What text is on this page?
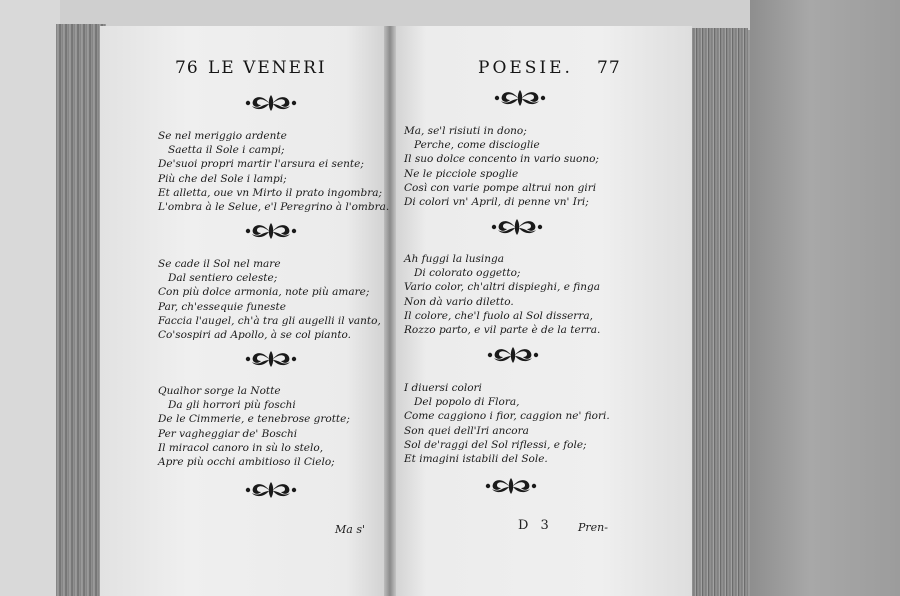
76 LE VENERI	POESIE. 77
Se nel meriggio ardente
Saetta il Sole i campi;
De'suoi propri martir l'arsura ei sente;
Più che del Sole i lampi;
Et alletta, oue vn Mirto il prato ingombra;
L'ombra à le Selue, e'l Peregrino à l'ombra.
Se cade il Sol nel mare
Dal sentiero celeste;
Con più dolce armonia, note più amare;
Par, ch'essequie funeste
Faccia l'augel, ch'à tra gli augelli il vanto,
Co'sospiri ad Apollo, à se col pianto.
Qualhor sorge la Notte
Da gli horrori più foschi
De le Cimmerie, e tenebrose grotte;
Per vagheggiar de' Boschi
Il miracol canoro in sù lo stelo,
Apre più occhi ambitioso il Cielo;
Ma, se'l risiuti in dono;
Perche, come discioglie
Il suo dolce concento in vario suono;
Ne le picciole spoglie
Così con varie pompe altrui non giri
Di colori vn' April, di penne vn' Iri;
Ah fuggi la lusinga
Di colorato oggetto;
Vario color, ch'altri dispieghi, e finga
Non dà vario diletto.
Il colore, che'l fuolo al Sol disserra,
Rozzo parto, e vil parte è de la terra.
I diuersi colori
Del popolo di Flora,
Come caggiono i fior, caggion ne' fiori.
Son quei dell'Iri ancora
Sol de'raggi del Sol riflessi, e fole;
Et imagini istabili del Sole.
Ma s'	D 3 Pren-
